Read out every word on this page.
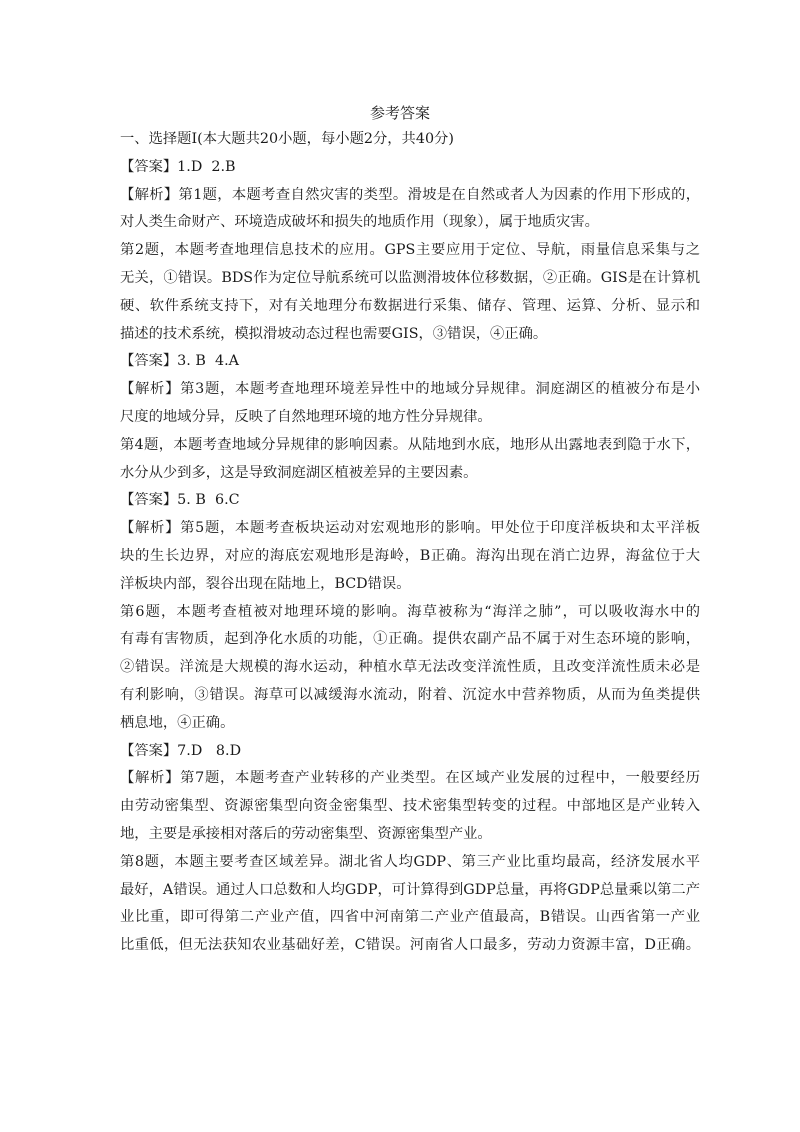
参考答案

一、选择题Ⅰ(本大题共20小题，每小题2分，共40分)

【答案】1.D  2.B

【解析】第1题，本题考查自然灾害的类型。滑坡是在自然或者人为因素的作用下形成的，

对人类生命财产、环境造成破坏和损失的地质作用（现象），属于地质灾害。

第2题，本题考查地理信息技术的应用。GPS主要应用于定位、导航，雨量信息采集与之

无关，①错误。BDS作为定位导航系统可以监测滑坡体位移数据，②正确。GIS是在计算机

硬、软件系统支持下，对有关地理分布数据进行采集、储存、管理、运算、分析、显示和

描述的技术系统，模拟滑坡动态过程也需要GIS，③错误，④正确。

【答案】3. B  4.A

【解析】第3题，本题考查地理环境差异性中的地域分异规律。洞庭湖区的植被分布是小

尺度的地域分异，反映了自然地理环境的地方性分异规律。

第4题，本题考查地域分异规律的影响因素。从陆地到水底，地形从出露地表到隐于水下，

水分从少到多，这是导致洞庭湖区植被差异的主要因素。

【答案】5. B  6.C

【解析】第5题，本题考查板块运动对宏观地形的影响。甲处位于印度洋板块和太平洋板

块的生长边界，对应的海底宏观地形是海岭，B正确。海沟出现在消亡边界，海盆位于大

洋板块内部，裂谷出现在陆地上，BCD错误。

第6题，本题考查植被对地理环境的影响。海草被称为“海洋之肺”，可以吸收海水中的

有毒有害物质，起到净化水质的功能，①正确。提供农副产品不属于对生态环境的影响，

②错误。洋流是大规模的海水运动，种植水草无法改变洋流性质，且改变洋流性质未必是

有利影响，③错误。海草可以减缓海水流动，附着、沉淀水中营养物质，从而为鱼类提供

栖息地，④正确。

【答案】7.D   8.D

【解析】第7题，本题考查产业转移的产业类型。在区域产业发展的过程中，一般要经历

由劳动密集型、资源密集型向资金密集型、技术密集型转变的过程。中部地区是产业转入

地，主要是承接相对落后的劳动密集型、资源密集型产业。

第8题，本题主要考查区域差异。湖北省人均GDP、第三产业比重均最高，经济发展水平

最好，A错误。通过人口总数和人均GDP，可计算得到GDP总量，再将GDP总量乘以第二产

业比重，即可得第二产业产值，四省中河南第二产业产值最高，B错误。山西省第一产业

比重低，但无法获知农业基础好差，C错误。河南省人口最多，劳动力资源丰富，D正确。
